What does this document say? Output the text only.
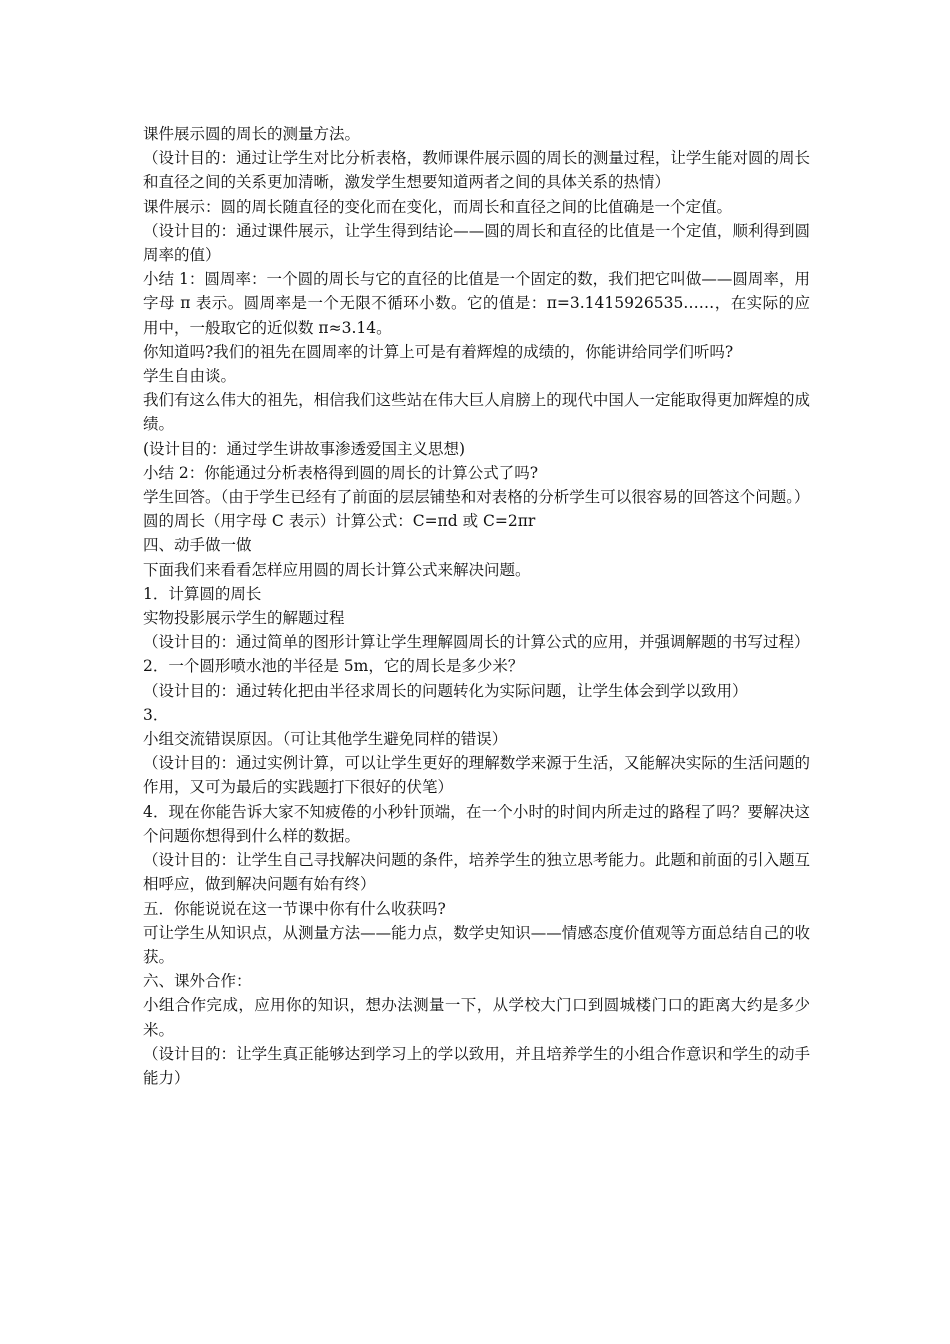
课件展示圆的周长的测量方法。

（设计目的：通过让学生对比分析表格，教师课件展示圆的周长的测量过程，让学生能对圆的周长和直径之间的关系更加清晰，激发学生想要知道两者之间的具体关系的热情）

课件展示：圆的周长随直径的变化而在变化，而周长和直径之间的比值确是一个定值。

（设计目的：通过课件展示，让学生得到结论——圆的周长和直径的比值是一个定值，顺利得到圆周率的值）

小结 1：圆周率：一个圆的周长与它的直径的比值是一个固定的数，我们把它叫做——圆周率，用字母 π 表示。圆周率是一个无限不循环小数。它的值是：π=3.1415926535……，在实际的应用中，一般取它的近似数 π≈3.14。

你知道吗?我们的祖先在圆周率的计算上可是有着辉煌的成绩的，你能讲给同学们听吗?

学生自由谈。

我们有这么伟大的祖先，相信我们这些站在伟大巨人肩膀上的现代中国人一定能取得更加辉煌的成绩。

(设计目的：通过学生讲故事渗透爱国主义思想)

小结 2：你能通过分析表格得到圆的周长的计算公式了吗?

学生回答。（由于学生已经有了前面的层层铺垫和对表格的分析学生可以很容易的回答这个问题。）

圆的周长（用字母 C 表示）计算公式：C=πd 或 C=2πr

四、动手做一做

下面我们来看看怎样应用圆的周长计算公式来解决问题。

1．计算圆的周长

实物投影展示学生的解题过程

（设计目的：通过简单的图形计算让学生理解圆周长的计算公式的应用，并强调解题的书写过程）

2．一个圆形喷水池的半径是 5m，它的周长是多少米？

（设计目的：通过转化把由半径求周长的问题转化为实际问题，让学生体会到学以致用）

3．

小组交流错误原因。（可让其他学生避免同样的错误）

（设计目的：通过实例计算，可以让学生更好的理解数学来源于生活，又能解决实际的生活问题的作用，又可为最后的实践题打下很好的伏笔）

4．现在你能告诉大家不知疲倦的小秒针顶端，在一个小时的时间内所走过的路程了吗？要解决这个问题你想得到什么样的数据。

（设计目的：让学生自己寻找解决问题的条件，培养学生的独立思考能力。此题和前面的引入题互相呼应，做到解决问题有始有终）

五．你能说说在这一节课中你有什么收获吗?

可让学生从知识点，从测量方法——能力点，数学史知识——情感态度价值观等方面总结自己的收获。

六、课外合作：

小组合作完成，应用你的知识，想办法测量一下，从学校大门口到圆城楼门口的距离大约是多少米。

（设计目的：让学生真正能够达到学习上的学以致用，并且培养学生的小组合作意识和学生的动手能力）
